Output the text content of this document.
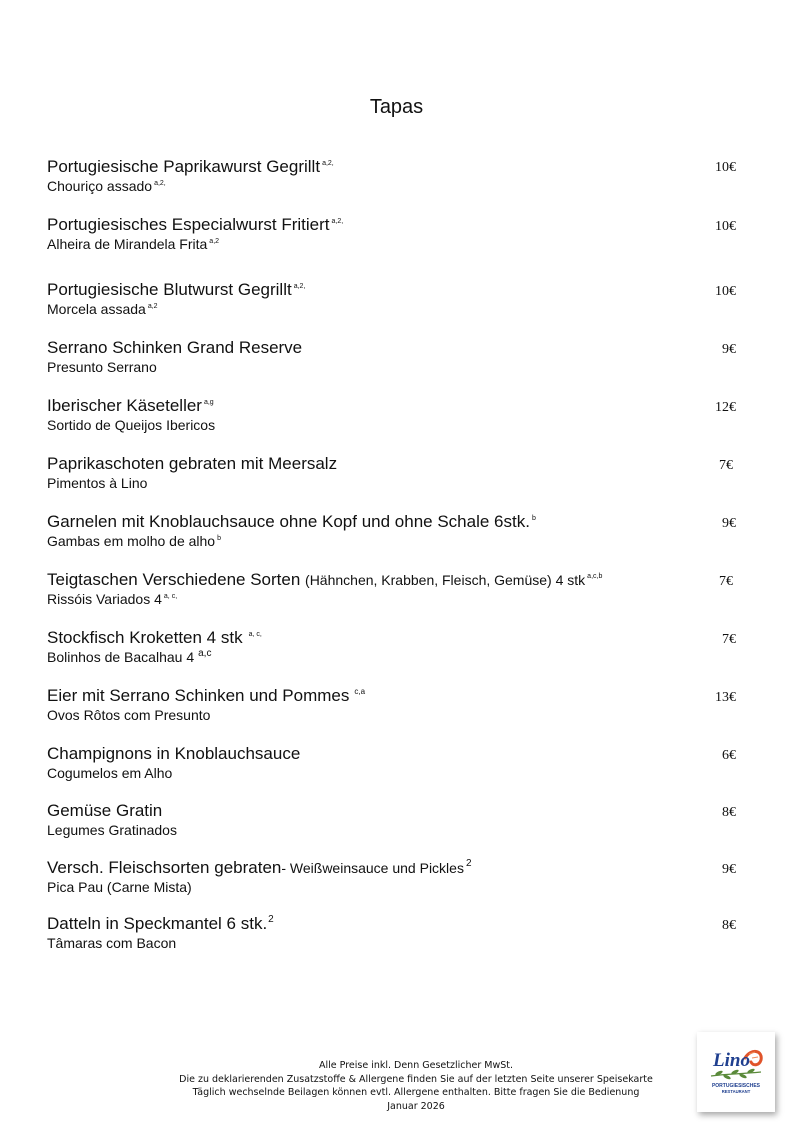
Tapas
Portugiesische Paprikawurst Gegrillt $^{a,2,}$
Chouriço assado $^{a,2,}$
10€
Portugiesisches Especialwurst Fritiert $^{a,2,}$
Alheira de Mirandela Frita $^{a,2}$
10€
Portugiesische Blutwurst Gegrillt $^{a,2,}$
Morcela assada $^{a,2}$
10€
Serrano Schinken Grand Reserve
Presunto Serrano
9€
Iberischer Käseteller $^{a,g}$
Sortido de Queijos Ibericos
12€
Paprikaschoten gebraten mit Meersalz
Pimentos à Lino
7€
Garnelen mit Knoblauchsauce ohne Kopf und ohne Schale 6stk. $^b$
Gambas em molho de alho $^b$
9€
Teigtaschen Verschiedene Sorten (Hähnchen, Krabben, Fleisch, Gemüse) 4 stk $^{a,c,b}$
Rissóis Variados 4 $^{a, c,}$
7€
Stockfisch Kroketten 4 stk $^{a, c,}$
Bolinhos de Bacalhau 4 $^{a,c}$
7€
Eier mit Serrano Schinken und Pommes $^{c,a}$
Ovos Rôtos com Presunto
13€
Champignons in Knoblauchsauce
Cogumelos em Alho
6€
Gemüse Gratin
Legumes Gratinados
8€
Versch. Fleischsorten gebraten- Weißweinsauce und Pickles $^2$
Pica Pau (Carne Mista)
9€
Datteln in Speckmantel 6 stk.$^2$
Tâmaras com Bacon
8€
Alle Preise inkl. Denn Gesetzlicher MwSt.
Die zu deklarierenden Zusatzstoffe & Allergene finden Sie auf der letzten Seite unserer Speisekarte
Täglich wechselnde Beilagen können evtl. Allergene enthalten. Bitte fragen Sie die Bedienung
Januar 2026
Lino
PORTUGIESISCHES
RESTAURANT
